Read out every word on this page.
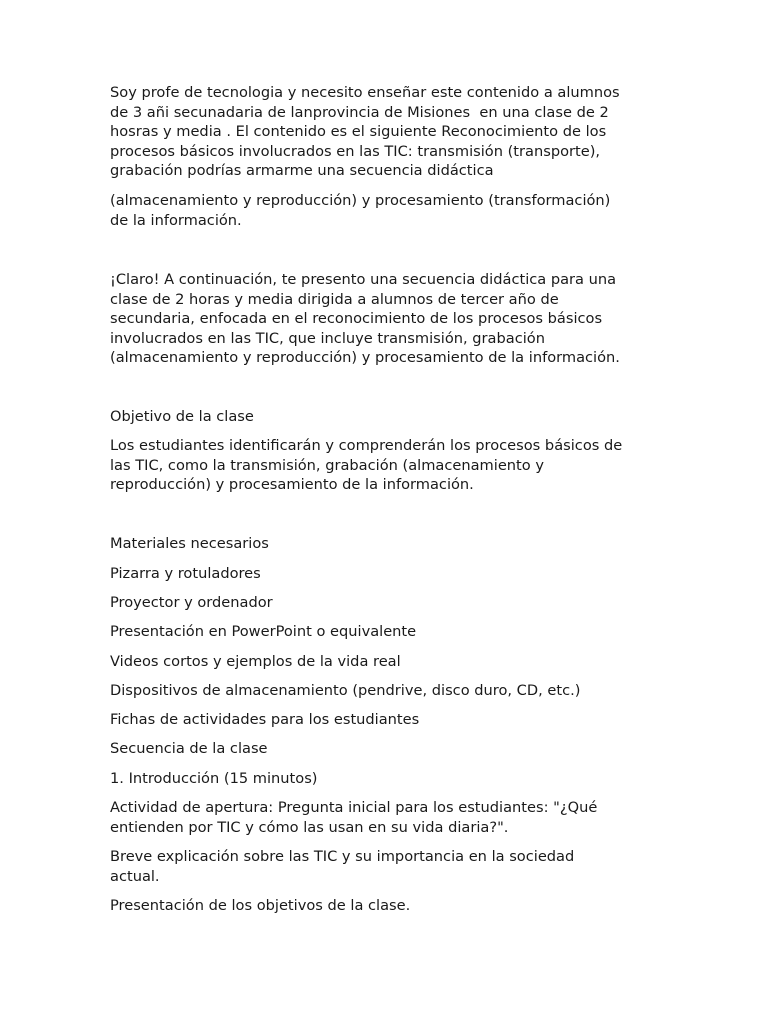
Soy profe de tecnologia y necesito enseñar este contenido a alumnos
de 3 añi secunadaria de lanprovincia de Misiones  en una clase de 2
hosras y media . El contenido es el siguiente Reconocimiento de los
procesos básicos involucrados en las TIC: transmisión (transporte),
grabación podrías armarme una secuencia didáctica

(almacenamiento y reproducción) y procesamiento (transformación)
de la información.

¡Claro! A continuación, te presento una secuencia didáctica para una
clase de 2 horas y media dirigida a alumnos de tercer año de
secundaria, enfocada en el reconocimiento de los procesos básicos
involucrados en las TIC, que incluye transmisión, grabación
(almacenamiento y reproducción) y procesamiento de la información.

Objetivo de la clase

Los estudiantes identificarán y comprenderán los procesos básicos de
las TIC, como la transmisión, grabación (almacenamiento y
reproducción) y procesamiento de la información.

Materiales necesarios

Pizarra y rotuladores

Proyector y ordenador

Presentación en PowerPoint o equivalente

Videos cortos y ejemplos de la vida real

Dispositivos de almacenamiento (pendrive, disco duro, CD, etc.)

Fichas de actividades para los estudiantes

Secuencia de la clase

1. Introducción (15 minutos)

Actividad de apertura: Pregunta inicial para los estudiantes: "¿Qué
entienden por TIC y cómo las usan en su vida diaria?".

Breve explicación sobre las TIC y su importancia en la sociedad
actual.

Presentación de los objetivos de la clase.
